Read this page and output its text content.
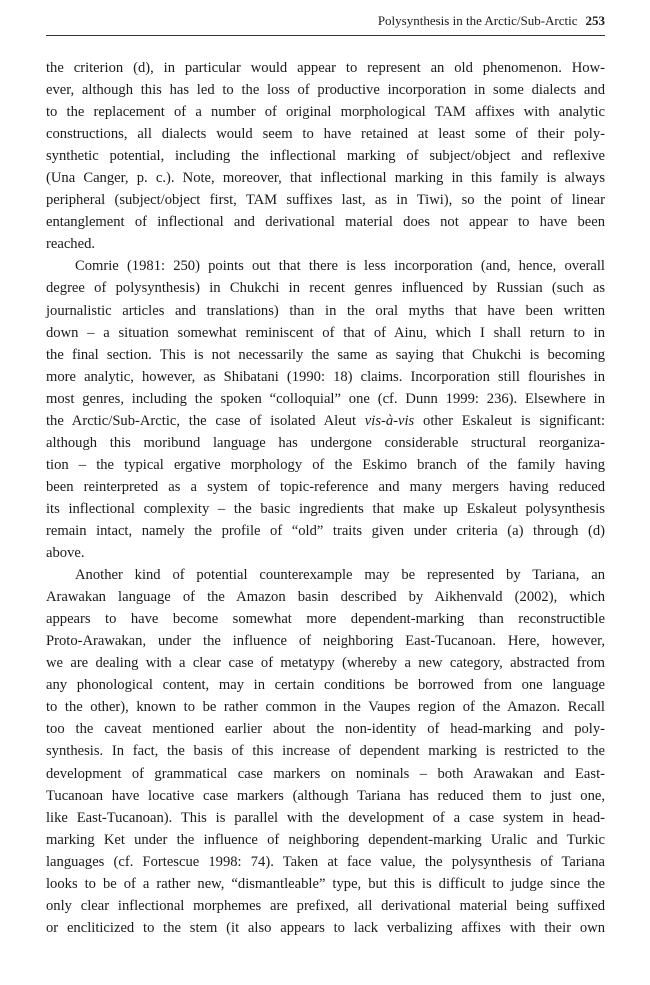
Polysynthesis in the Arctic/Sub-Arctic 253
the criterion (d), in particular would appear to represent an old phenomenon. How-
ever, although this has led to the loss of productive incorporation in some dialects and
to the replacement of a number of original morphological TAM affixes with analytic
constructions, all dialects would seem to have retained at least some of their poly-
synthetic potential, including the inflectional marking of subject/object and reflexive
(Una Canger, p. c.). Note, moreover, that inflectional marking in this family is always
peripheral (subject/object first, TAM suffixes last, as in Tiwi), so the point of linear
entanglement of inflectional and derivational material does not appear to have been
reached.
Comrie (1981: 250) points out that there is less incorporation (and, hence, overall
degree of polysynthesis) in Chukchi in recent genres influenced by Russian (such as
journalistic articles and translations) than in the oral myths that have been written
down – a situation somewhat reminiscent of that of Ainu, which I shall return to in
the final section. This is not necessarily the same as saying that Chukchi is becoming
more analytic, however, as Shibatani (1990: 18) claims. Incorporation still flourishes in
most genres, including the spoken “colloquial” one (cf. Dunn 1999: 236). Elsewhere in
the Arctic/Sub-Arctic, the case of isolated Aleut vis-à-vis other Eskaleut is significant:
although this moribund language has undergone considerable structural reorganiza-
tion – the typical ergative morphology of the Eskimo branch of the family having
been reinterpreted as a system of topic-reference and many mergers having reduced
its inflectional complexity – the basic ingredients that make up Eskaleut polysynthesis
remain intact, namely the profile of “old” traits given under criteria (a) through (d)
above.
Another kind of potential counterexample may be represented by Tariana, an
Arawakan language of the Amazon basin described by Aikhenvald (2002), which
appears to have become somewhat more dependent-marking than reconstructible
Proto-Arawakan, under the influence of neighboring East-Tucanoan. Here, however,
we are dealing with a clear case of metatypy (whereby a new category, abstracted from
any phonological content, may in certain conditions be borrowed from one language
to the other), known to be rather common in the Vaupes region of the Amazon. Recall
too the caveat mentioned earlier about the non-identity of head-marking and poly-
synthesis. In fact, the basis of this increase of dependent marking is restricted to the
development of grammatical case markers on nominals – both Arawakan and East-
Tucanoan have locative case markers (although Tariana has reduced them to just one,
like East-Tucanoan). This is parallel with the development of a case system in head-
marking Ket under the influence of neighboring dependent-marking Uralic and Turkic
languages (cf. Fortescue 1998: 74). Taken at face value, the polysynthesis of Tariana
looks to be of a rather new, “dismantleable” type, but this is difficult to judge since the
only clear inflectional morphemes are prefixed, all derivational material being suffixed
or encliticized to the stem (it also appears to lack verbalizing affixes with their own
